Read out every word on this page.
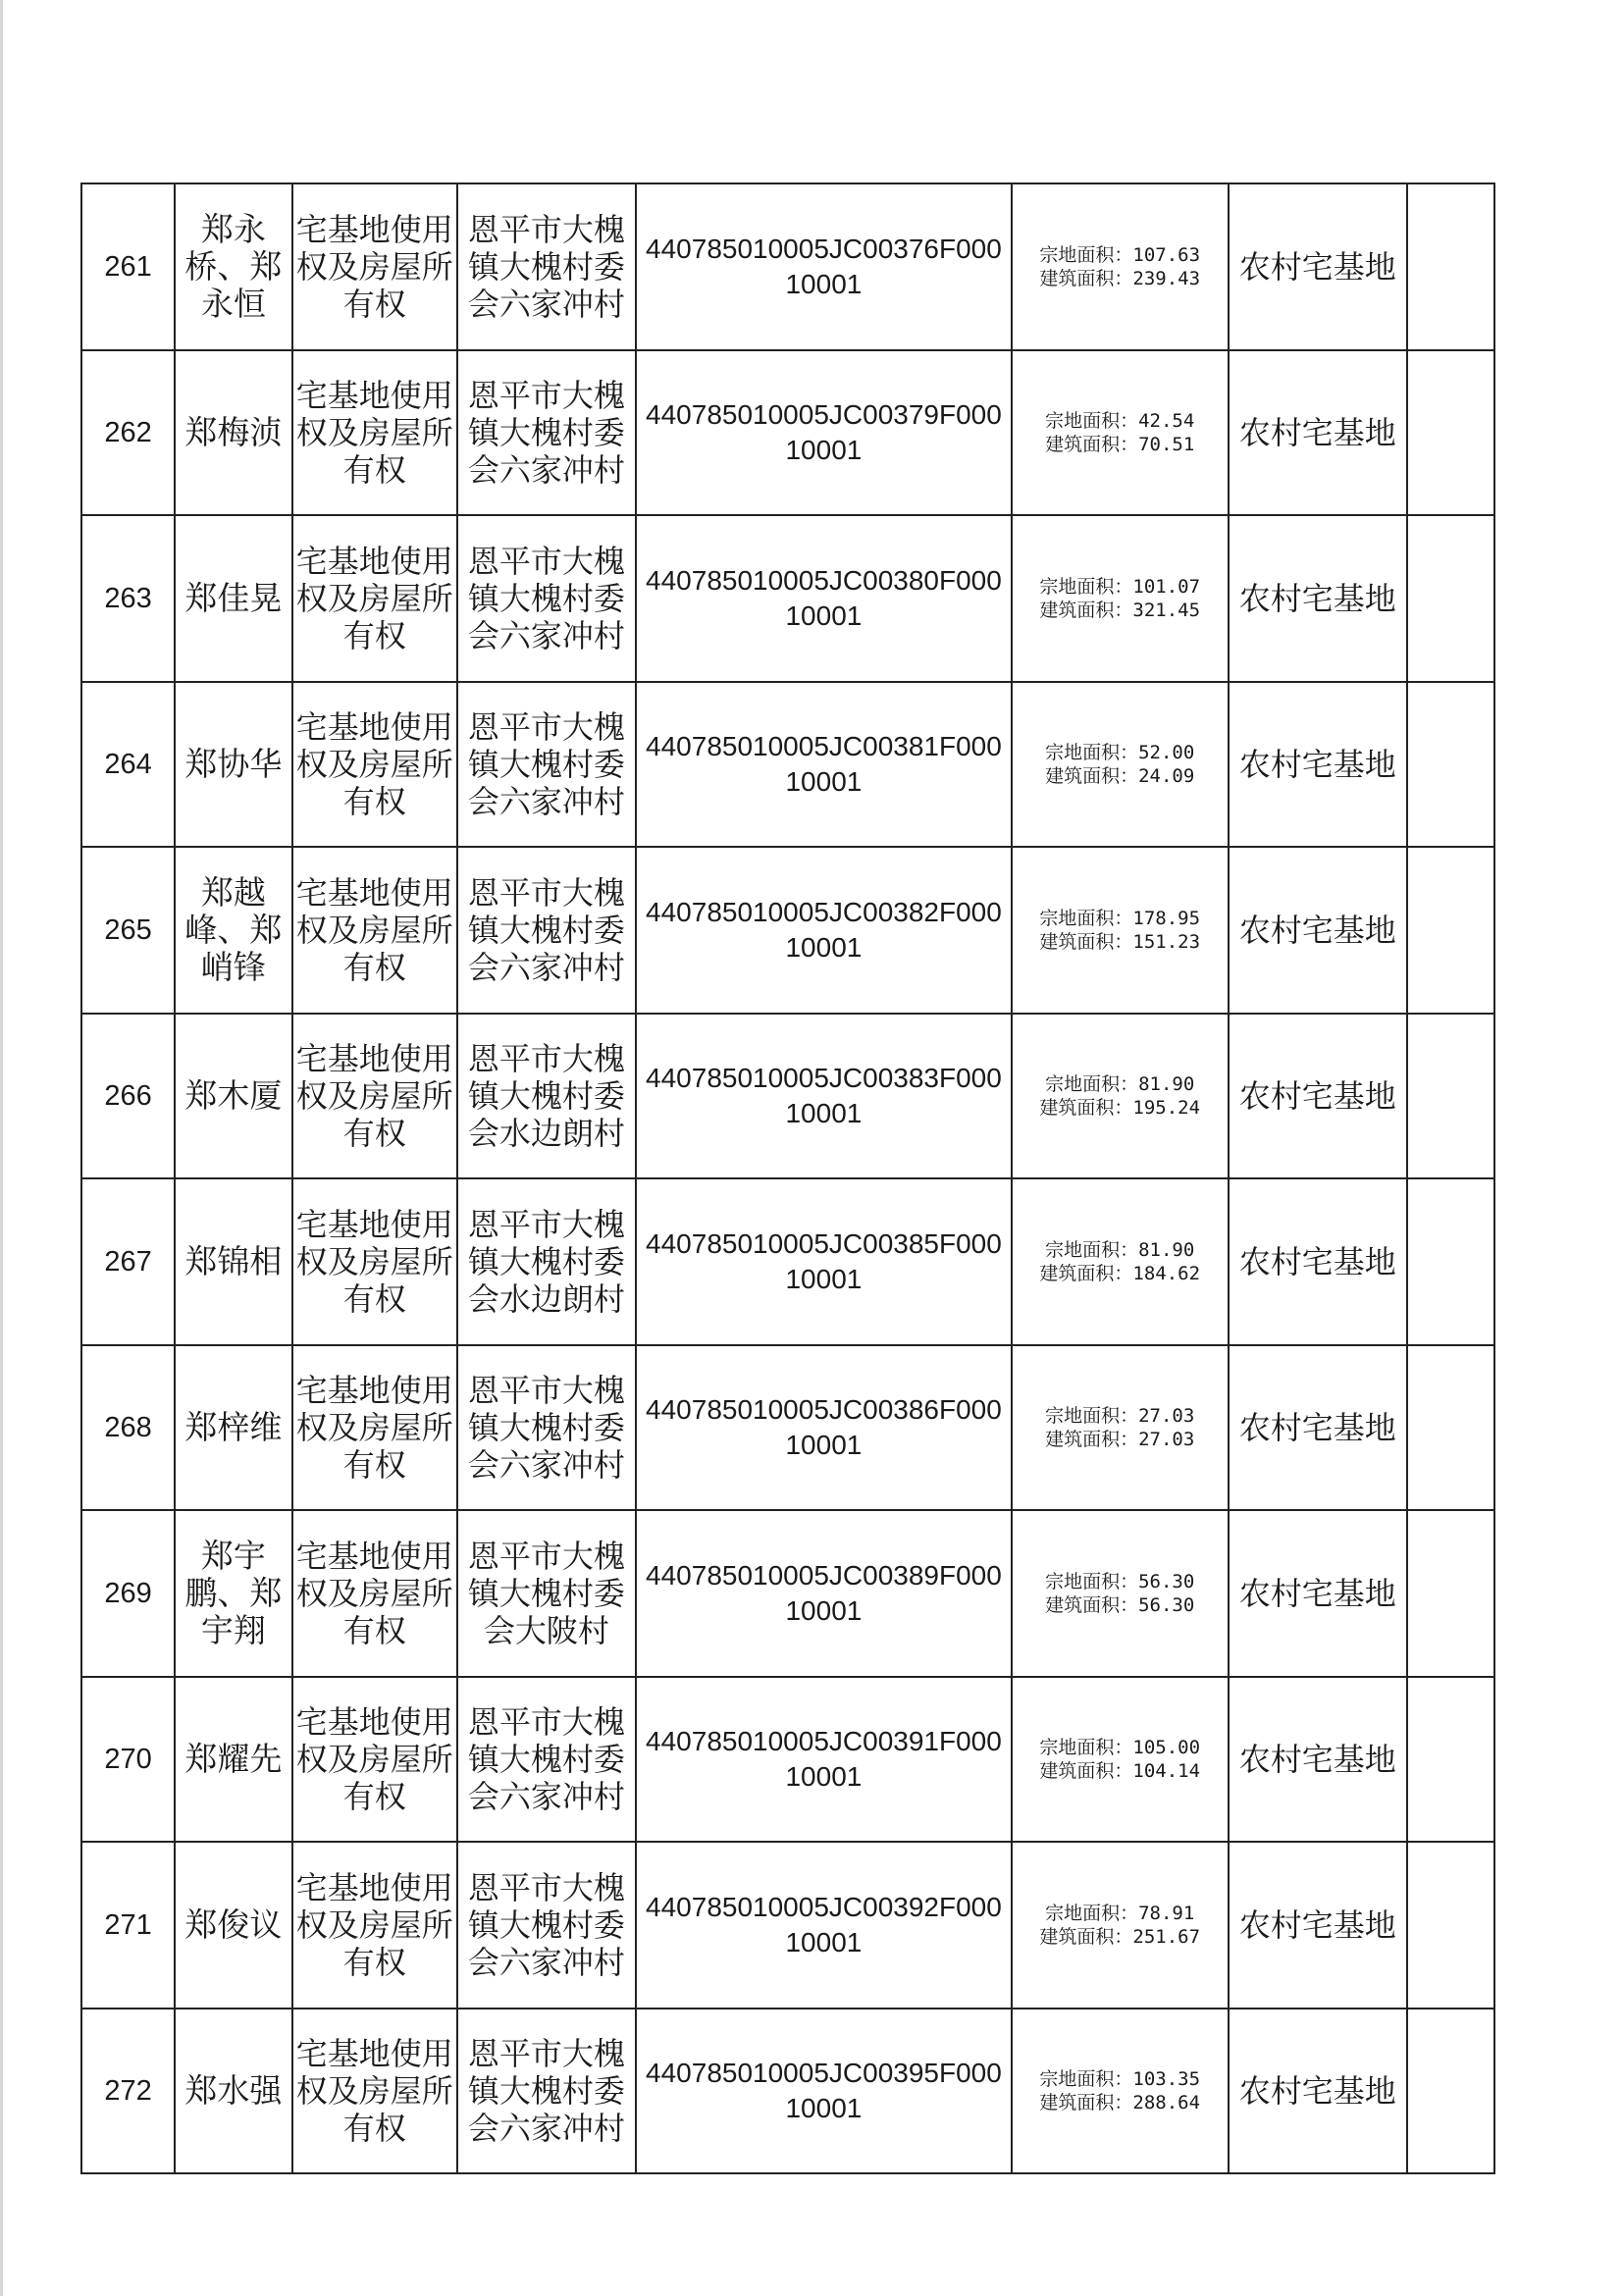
261	郑永桥、郑永恒	宅基地使用权及房屋所有权	恩平市大槐镇大槐村委会六家冲村	440785010005JC00376F00010001	宗地面积：107.63
建筑面积：239.43	农村宅基地	
262	郑梅浈	宅基地使用权及房屋所有权	恩平市大槐镇大槐村委会六家冲村	440785010005JC00379F00010001	宗地面积：42.54
建筑面积：70.51	农村宅基地	
263	郑佳晃	宅基地使用权及房屋所有权	恩平市大槐镇大槐村委会六家冲村	440785010005JC00380F00010001	宗地面积：101.07
建筑面积：321.45	农村宅基地	
264	郑协华	宅基地使用权及房屋所有权	恩平市大槐镇大槐村委会六家冲村	440785010005JC00381F00010001	宗地面积：52.00
建筑面积：24.09	农村宅基地	
265	郑越峰、郑峭锋	宅基地使用权及房屋所有权	恩平市大槐镇大槐村委会六家冲村	440785010005JC00382F00010001	宗地面积：178.95
建筑面积：151.23	农村宅基地	
266	郑木厦	宅基地使用权及房屋所有权	恩平市大槐镇大槐村委会水边朗村	440785010005JC00383F00010001	宗地面积：81.90
建筑面积：195.24	农村宅基地	
267	郑锦相	宅基地使用权及房屋所有权	恩平市大槐镇大槐村委会水边朗村	440785010005JC00385F00010001	宗地面积：81.90
建筑面积：184.62	农村宅基地	
268	郑梓维	宅基地使用权及房屋所有权	恩平市大槐镇大槐村委会六家冲村	440785010005JC00386F00010001	宗地面积：27.03
建筑面积：27.03	农村宅基地	
269	郑宇鹏、郑宇翔	宅基地使用权及房屋所有权	恩平市大槐镇大槐村委会大陂村	440785010005JC00389F00010001	宗地面积：56.30
建筑面积：56.30	农村宅基地	
270	郑耀先	宅基地使用权及房屋所有权	恩平市大槐镇大槐村委会六家冲村	440785010005JC00391F00010001	宗地面积：105.00
建筑面积：104.14	农村宅基地	
271	郑俊议	宅基地使用权及房屋所有权	恩平市大槐镇大槐村委会六家冲村	440785010005JC00392F00010001	宗地面积：78.91
建筑面积：251.67	农村宅基地	
272	郑水强	宅基地使用权及房屋所有权	恩平市大槐镇大槐村委会六家冲村	440785010005JC00395F00010001	宗地面积：103.35
建筑面积：288.64	农村宅基地	
